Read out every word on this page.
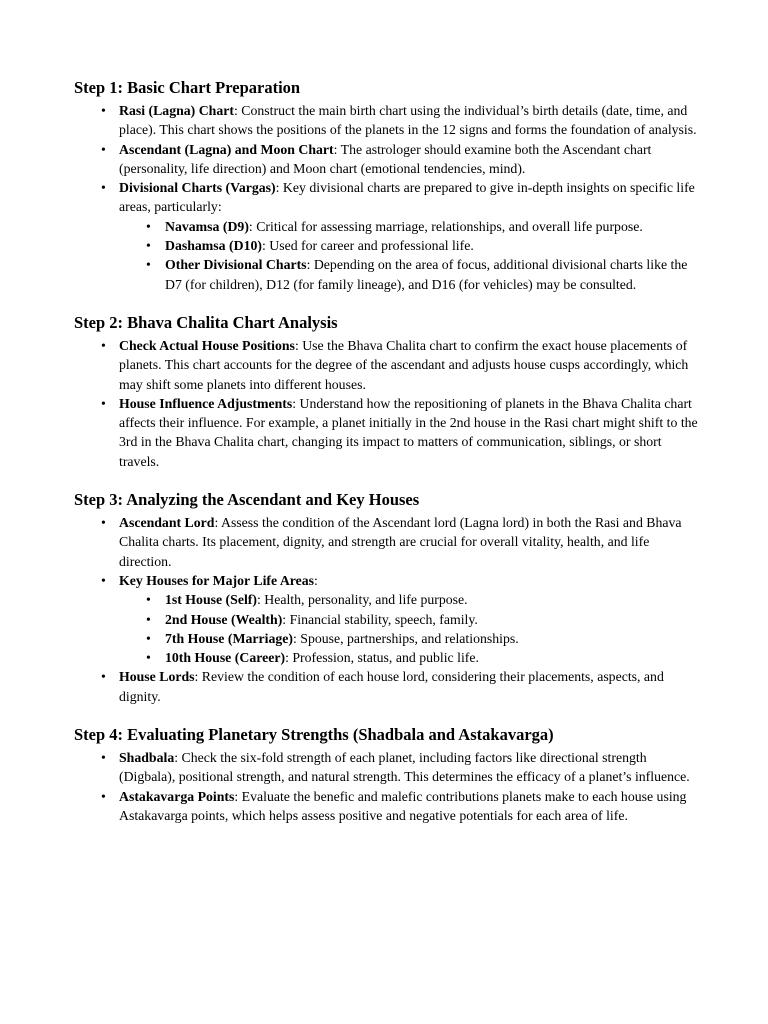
Step 1: Basic Chart Preparation
• Rasi (Lagna) Chart: Construct the main birth chart using the individual’s birth details (date, time, and place). This chart shows the positions of the planets in the 12 signs and forms the foundation of analysis.
• Ascendant (Lagna) and Moon Chart: The astrologer should examine both the Ascendant chart (personality, life direction) and Moon chart (emotional tendencies, mind).
• Divisional Charts (Vargas): Key divisional charts are prepared to give in-depth insights on specific life areas, particularly:
• Navamsa (D9): Critical for assessing marriage, relationships, and overall life purpose.
• Dashamsa (D10): Used for career and professional life.
• Other Divisional Charts: Depending on the area of focus, additional divisional charts like the D7 (for children), D12 (for family lineage), and D16 (for vehicles) may be consulted.
Step 2: Bhava Chalita Chart Analysis
• Check Actual House Positions: Use the Bhava Chalita chart to confirm the exact house placements of planets. This chart accounts for the degree of the ascendant and adjusts house cusps accordingly, which may shift some planets into different houses.
• House Influence Adjustments: Understand how the repositioning of planets in the Bhava Chalita chart affects their influence. For example, a planet initially in the 2nd house in the Rasi chart might shift to the 3rd in the Bhava Chalita chart, changing its impact to matters of communication, siblings, or short travels.
Step 3: Analyzing the Ascendant and Key Houses
• Ascendant Lord: Assess the condition of the Ascendant lord (Lagna lord) in both the Rasi and Bhava Chalita charts. Its placement, dignity, and strength are crucial for overall vitality, health, and life direction.
• Key Houses for Major Life Areas:
• 1st House (Self): Health, personality, and life purpose.
• 2nd House (Wealth): Financial stability, speech, family.
• 7th House (Marriage): Spouse, partnerships, and relationships.
• 10th House (Career): Profession, status, and public life.
• House Lords: Review the condition of each house lord, considering their placements, aspects, and dignity.
Step 4: Evaluating Planetary Strengths (Shadbala and Astakavarga)
• Shadbala: Check the six-fold strength of each planet, including factors like directional strength (Digbala), positional strength, and natural strength. This determines the efficacy of a planet’s influence.
• Astakavarga Points: Evaluate the benefic and malefic contributions planets make to each house using Astakavarga points, which helps assess positive and negative potentials for each area of life.
